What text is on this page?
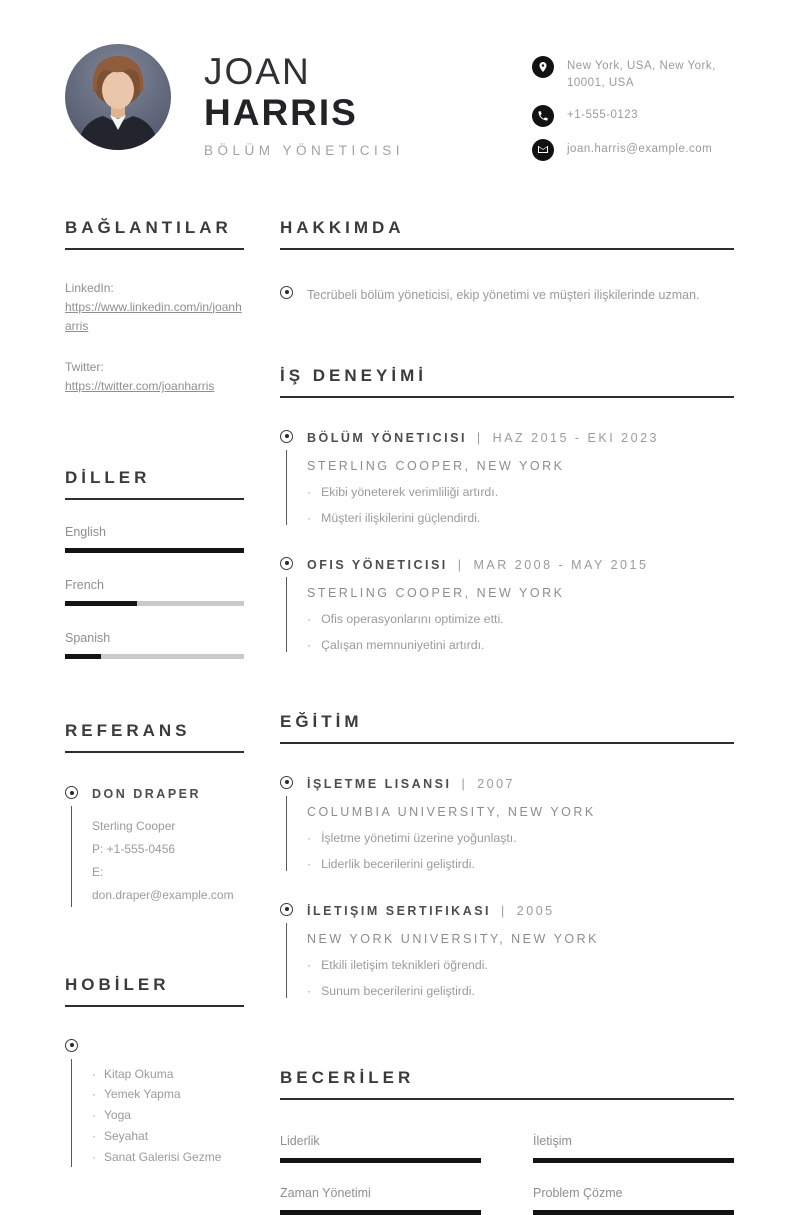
JOAN
HARRIS
BÖLÜM YÖNETICISI
New York, USA, New York, 10001, USA
+1-555-0123
joan.harris@example.com
BAĞLANTILAR
LinkedIn:
https://www.linkedin.com/in/joanharris
Twitter:
https://twitter.com/joanharris
DİLLER
English
French
Spanish
REFERANS
DON DRAPER
Sterling Cooper
P: +1-555-0456
E: don.draper@example.com
HOBİLER
· Kitap Okuma
· Yemek Yapma
· Yoga
· Seyahat
· Sanat Galerisi Gezme
HAKKIMDA
Tecrübeli bölüm yöneticisi, ekip yönetimi ve müşteri ilişkilerinde uzman.
İŞ DENEYİMİ
BÖLÜM YÖNETICISI | HAZ 2015 - EKI 2023
STERLING COOPER, NEW YORK
· Ekibi yöneterek verimliliği artırdı.
· Müşteri ilişkilerini güçlendirdi.
OFIS YÖNETICISI | MAR 2008 - MAY 2015
STERLING COOPER, NEW YORK
· Ofis operasyonlarını optimize etti.
· Çalışan memnuniyetini artırdı.
EĞİTİM
İŞLETME LISANSI | 2007
COLUMBIA UNIVERSITY, NEW YORK
· İşletme yönetimi üzerine yoğunlaştı.
· Liderlik becerilerini geliştirdi.
İLETIŞIM SERTIFIKASI | 2005
NEW YORK UNIVERSITY, NEW YORK
· Etkili iletişim teknikleri öğrendi.
· Sunum becerilerini geliştirdi.
BECERİLER
Liderlik	İletişim
Zaman Yönetimi	Problem Çözme
